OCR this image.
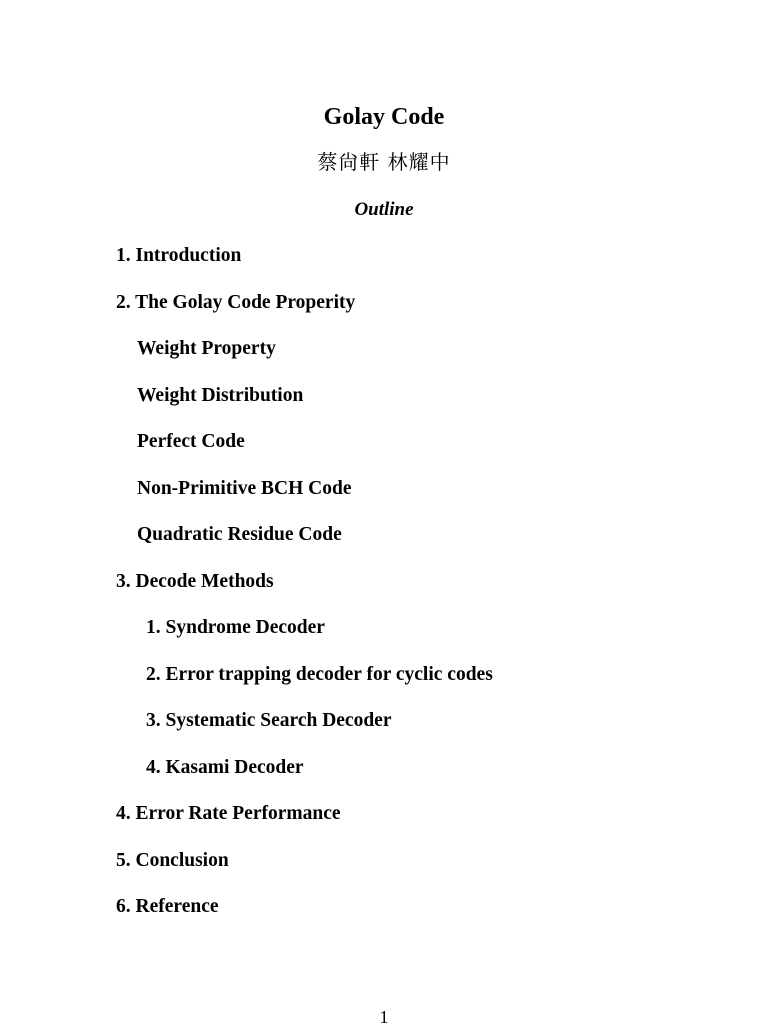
Golay Code
蔡尙軒 林耀中
Outline
1. Introduction
2. The Golay Code Properity
Weight Property
Weight Distribution
Perfect Code
Non-Primitive BCH Code
Quadratic Residue Code
3. Decode Methods
1. Syndrome Decoder
2. Error trapping decoder for cyclic codes
3. Systematic Search Decoder
4. Kasami Decoder
4. Error Rate Performance
5. Conclusion
6. Reference
1
